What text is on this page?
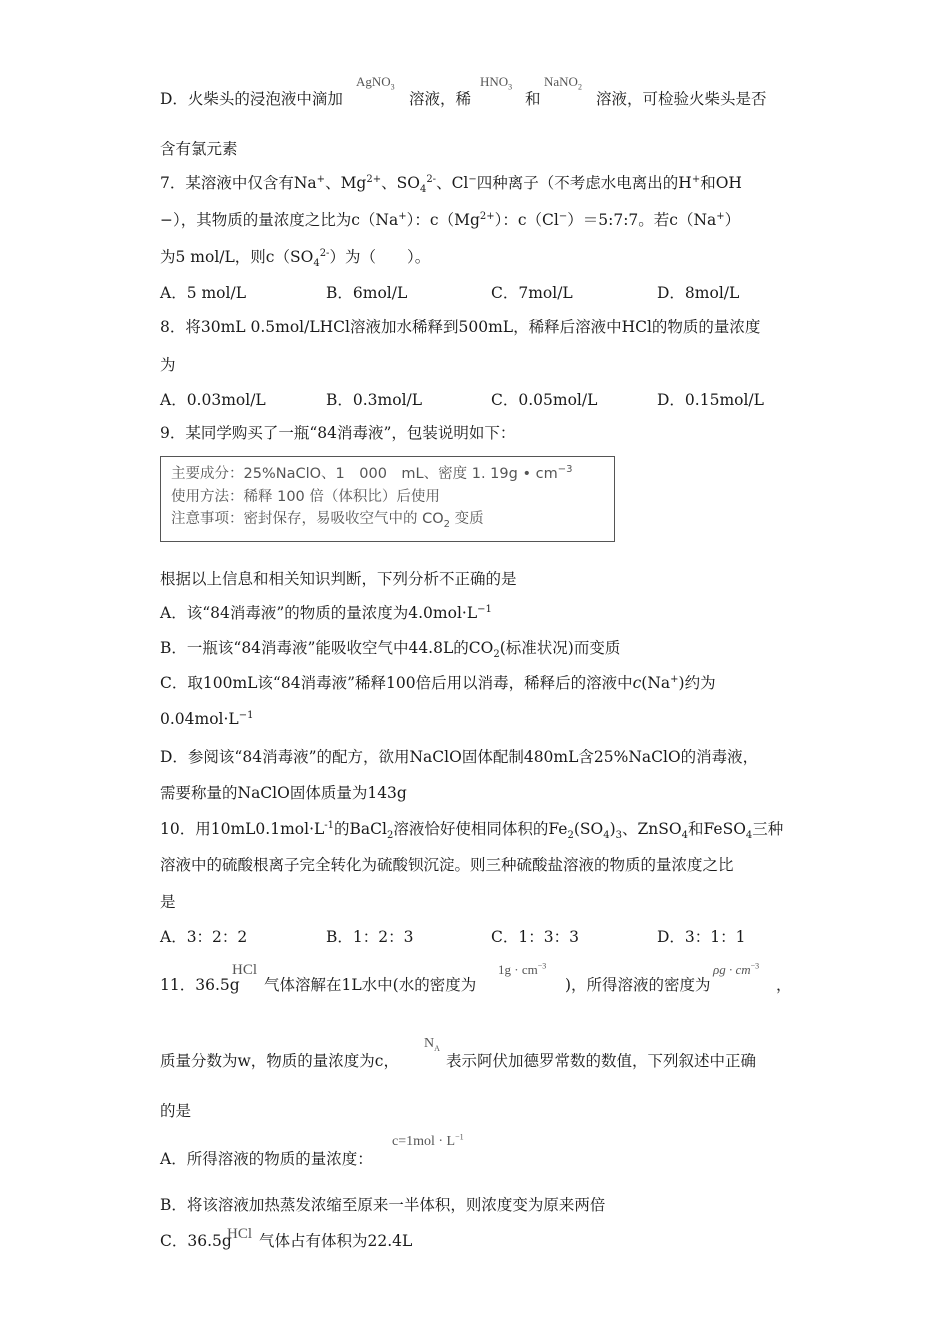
D．火柴头的浸泡液中滴加
AgNO$_3$
溶液，稀
$HNO_3$
和
NaNO$_2$
溶液，可检验火柴头是否
含有氯元素
7．某溶液中仅含有Na+、$Mg^{2+}$、$SO_4^{2-}$、Cl−四种离子（不考虑水电离出的H+和OH
−），其物质的量浓度之比为c（Na+）：$c(Mg^{2+})$：c（Cl−）＝5:7:7。若c（Na+）
为5 mol/L，则$c(SO_4^{2-})$为（　　）。
A．5 mol/L	B．6mol/L	C．7mol/L	D．8mol/L
8．将30mL 0.5mol/LHCl溶液加水稀释到500mL，稀释后溶液中HCl的物质的量浓度
为
A．0.03mol/L	B．0.3mol/L	C．0.05mol/L	D．0.15mol/L
9．某同学购买了一瓶“84消毒液”，包装说明如下：
主要成分：25%NaClO、1　000　mL、密度 1. 19g • $cm^{-3}$
使用方法：稀释 100 倍（体积比）后使用
注意事项：密封保存，易吸收空气中的 $CO_2$ 变质
根据以上信息和相关知识判断，下列分析不正确的是
A．该“84消毒液”的物质的量浓度为$4.0mol\cdot L^{-1}$
B．一瓶该“84消毒液”能吸收空气中44.8L的$CO_2$(标准状况)而变质
C．取100mL该“84消毒液”稀释100倍后用以消毒，稀释后的溶液中c(Na+)约为
$0.04mol\cdot L^{-1}$
D．参阅该“84消毒液”的配方，欲用NaClO固体配制480mL含25%NaClO的消毒液，
需要称量的NaClO固体质量为143g
10．用$10mL0.1mol\cdot L^{-1}$的BaCl$_2$溶液恰好使相同体积的$Fe_2(SO_4)_3$、ZnSO$_4$和FeSO$_4$三种
溶液中的硫酸根离子完全转化为硫酸钡沉淀。则三种硫酸盐溶液的物质的量浓度之比
是
A．3：2：2	B．1：2：3	C．1：3：3	D．3：1：1
11．36.5g
HCl
气体溶解在1L水中(水的密度为
$1g \cdot cm^{-3}$
)，所得溶液的密度为
$\rho g \cdot cm^{-3}$
，
质量分数为w，物质的量浓度为c，
$N_A$
表示阿伏加德罗常数的数值，下列叙述中正确
的是
A．所得溶液的物质的量浓度：
$c=1mol \cdot L^{-1}$
B．将该溶液加热蒸发浓缩至原来一半体积，则浓度变为原来两倍
C．36.5g
HCl 气体占有体积为22.4L
